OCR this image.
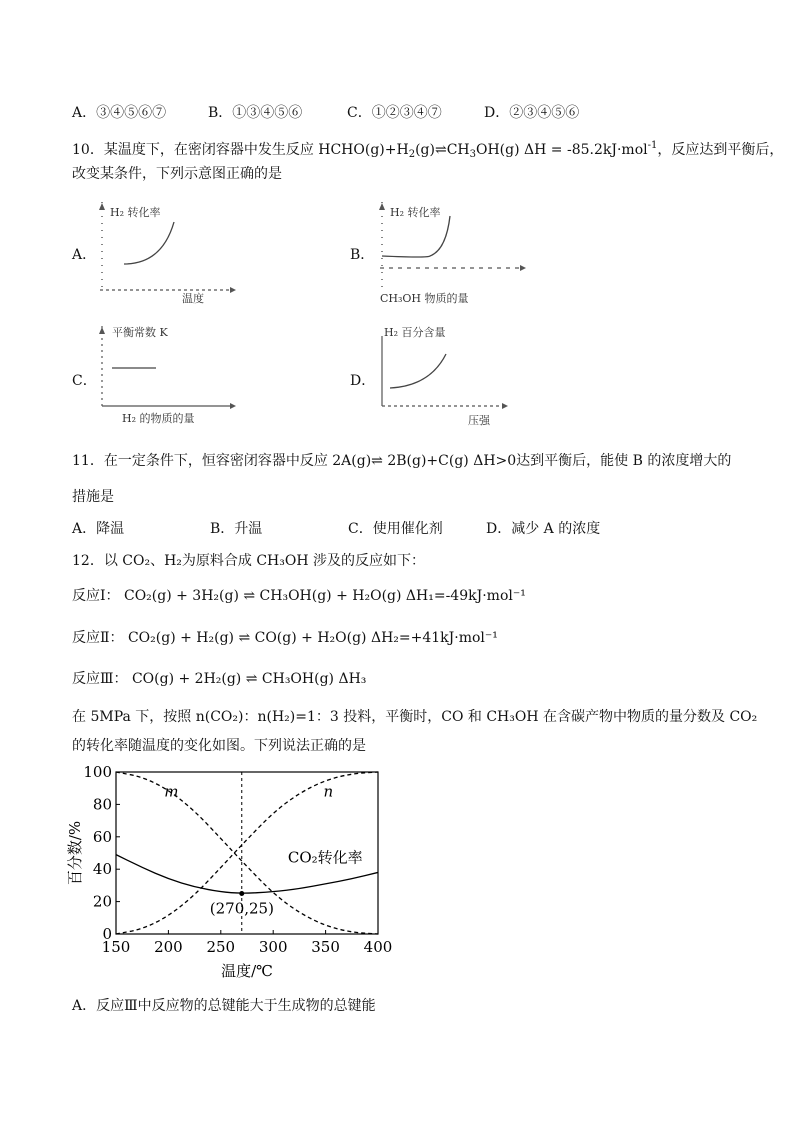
A．③④⑤⑥⑦	B．①③④⑤⑥	C．①②③④⑦	D．②③④⑤⑥
10．某温度下，在密闭容器中发生反应 $HCHO(g)+H_2(g)\rightleftharpoons CH_3OH(g) \Delta H = -85.2kJ\cdot mol^{-1}$，反应达到平衡后，
改变某条件，下列示意图正确的是
A．
H₂ 转化率
温度
B．
H₂ 转化率
CH₃OH 物质的量
C．
平衡常数 K
H₂ 的物质的量
D．
H₂ 百分含量
压强
11．在一定条件下，恒容密闭容器中反应 2A(g)⇌ 2B(g)+C(g) ΔH>0达到平衡后，能使 B 的浓度增大的
措施是
A．降温	B．升温	C．使用催化剂	D．减少 A 的浓度
12．以 CO₂、H₂为原料合成 CH₃OH 涉及的反应如下：
反应Ⅰ： CO₂(g) + 3H₂(g) ⇌ CH₃OH(g) + H₂O(g) ΔH₁=-49kJ·mol⁻¹
反应Ⅱ： CO₂(g) + H₂(g) ⇌ CO(g) + H₂O(g) ΔH₂=+41kJ·mol⁻¹
反应Ⅲ： CO(g) + 2H₂(g) ⇌ CH₃OH(g) ΔH₃
在 5MPa 下，按照 n(CO₂)：n(H₂)=1：3 投料，平衡时，CO 和 CH₃OH 在含碳产物中物质的量分数及 CO₂
的转化率随温度的变化如图。下列说法正确的是
150 200 250 300 350 400
0
20
40
60
80
100
温度/℃
百分数/%
(270,25)
m	n
CO₂转化率
A．反应Ⅲ中反应物的总键能大于生成物的总键能
